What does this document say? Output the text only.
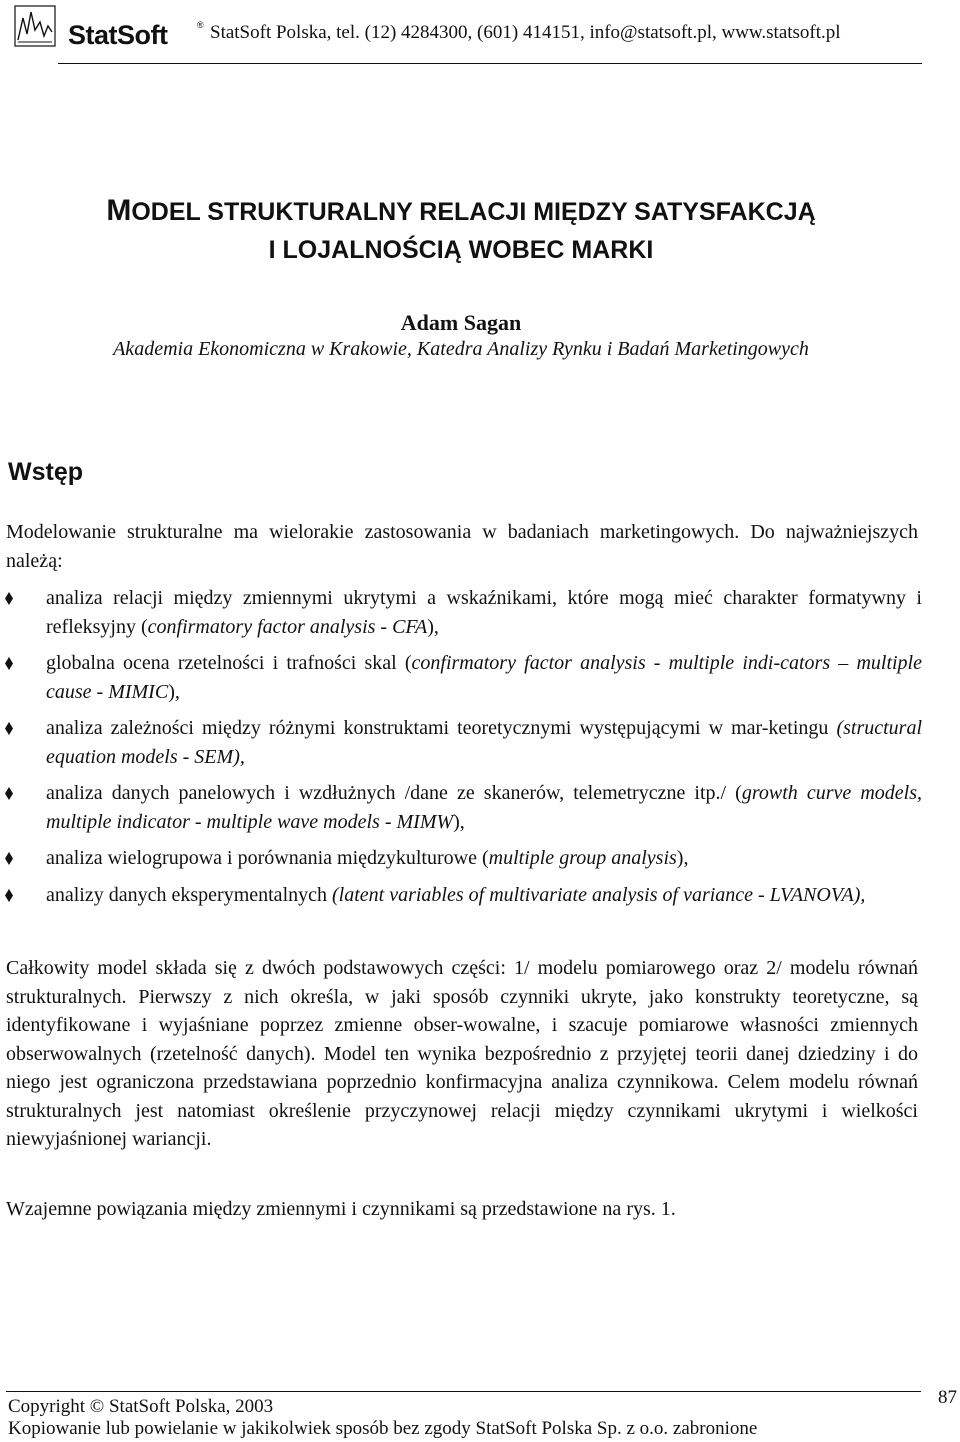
StatSoft	® StatSoft Polska, tel. (12) 4284300, (601) 414151, info@statsoft.pl, www.statsoft.pl
MODEL STRUKTURALNY RELACJI MIĘDZY SATYSFAKCJĄ
I LOJALNOŚCIĄ WOBEC MARKI
Adam Sagan
Akademia Ekonomiczna w Krakowie, Katedra Analizy Rynku i Badań Marketingowych
Wstęp
Modelowanie strukturalne ma wielorakie zastosowania w badaniach marketingowych. Do najważniejszych należą:
analiza relacji między zmiennymi ukrytymi a wskaźnikami, które mogą mieć charakter formatywny i refleksyjny (confirmatory factor analysis - CFA),
globalna ocena rzetelności i trafności skal (confirmatory factor analysis - multiple indi-cators – multiple cause - MIMIC),
analiza zależności między różnymi konstruktami teoretycznymi występującymi w mar-ketingu (structural equation models - SEM),
analiza danych panelowych i wzdłużnych /dane ze skanerów, telemetryczne itp./ (growth curve models, multiple indicator - multiple wave models - MIMW),
analiza wielogrupowa i porównania międzykulturowe (multiple group analysis),
analizy danych eksperymentalnych (latent variables of multivariate analysis of variance - LVANOVA),
Całkowity model składa się z dwóch podstawowych części: 1/ modelu pomiarowego oraz 2/ modelu równań strukturalnych. Pierwszy z nich określa, w jaki sposób czynniki ukryte, jako konstrukty teoretyczne, są identyfikowane i wyjaśniane poprzez zmienne obser-wowalne, i szacuje pomiarowe własności zmiennych obserwowalnych (rzetelność danych). Model ten wynika bezpośrednio z przyjętej teorii danej dziedziny i do niego jest ograniczona przedstawiana poprzednio konfirmacyjna analiza czynnikowa. Celem modelu równań strukturalnych jest natomiast określenie przyczynowej relacji między czynnikami ukrytymi i wielkości niewyjaśnionej wariancji.
Wzajemne powiązania między zmiennymi i czynnikami są przedstawione na rys. 1.
Copyright © StatSoft Polska, 2003
Kopiowanie lub powielanie w jakikolwiek sposób bez zgody StatSoft Polska Sp. z o.o. zabronione
87
